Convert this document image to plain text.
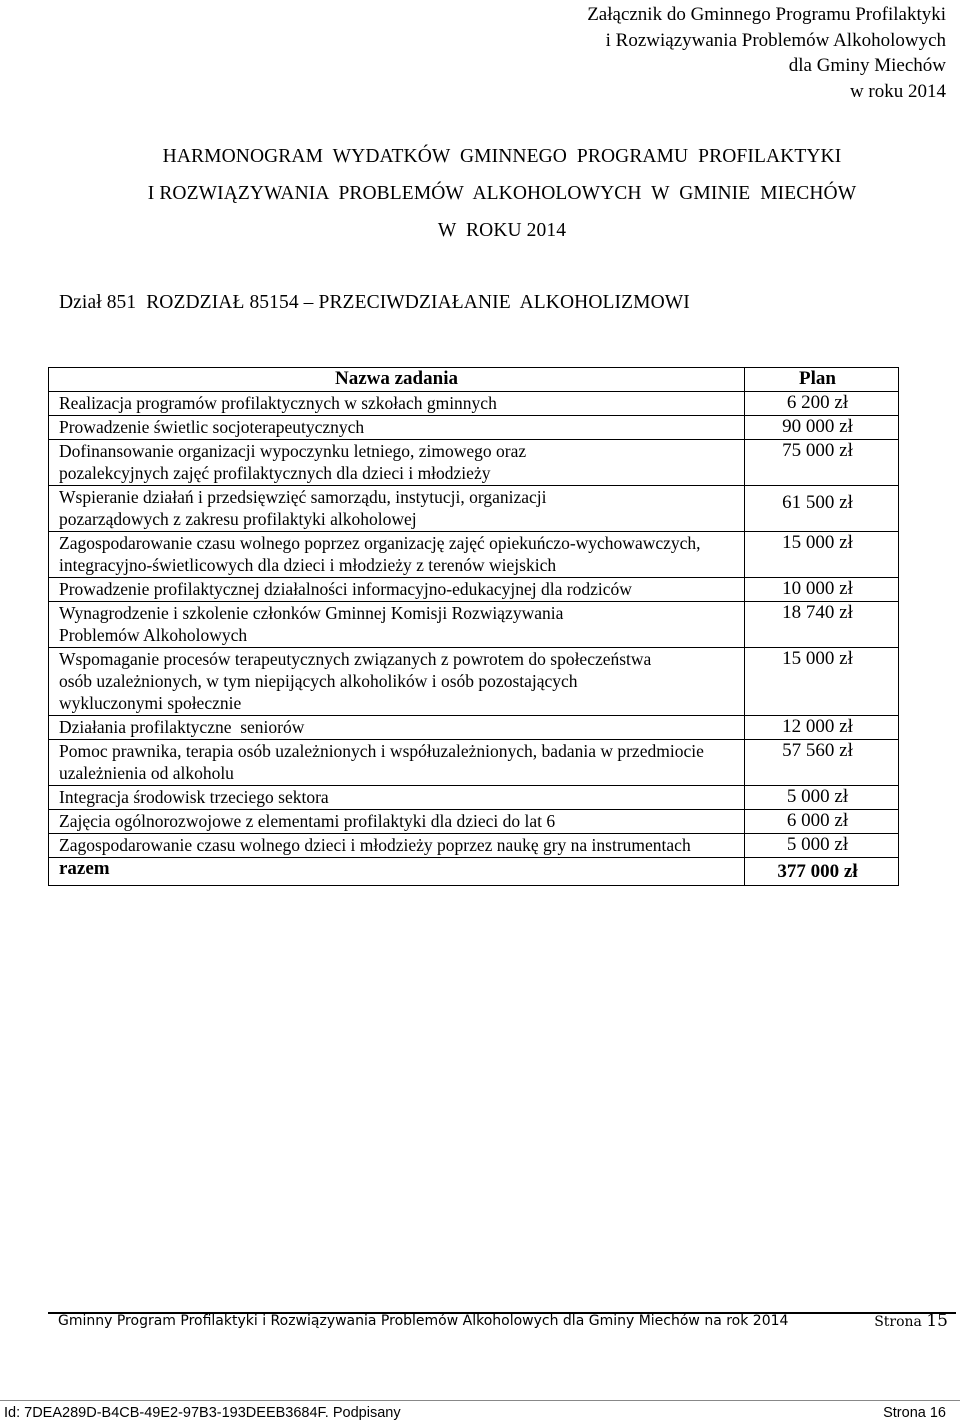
Załącznik do Gminnego Programu Profilaktyki
i Rozwiązywania Problemów Alkoholowych
dla Gminy Miechów
w roku 2014
HARMONOGRAM  WYDATKÓW  GMINNEGO  PROGRAMU  PROFILAKTYKI
I ROZWIĄZYWANIA  PROBLEMÓW  ALKOHOLOWYCH  W  GMINIE  MIECHÓW
W  ROKU 2014
Dział 851  ROZDZIAŁ 85154 – PRZECIWDZIAŁANIE  ALKOHOLIZMOWI
Nazwa zadania	Plan
Realizacja programów profilaktycznych w szkołach gminnych	6 200 zł
Prowadzenie świetlic socjoterapeutycznych	90 000 zł
Dofinansowanie organizacji wypoczynku letniego, zimowego oraz pozalekcyjnych zajęć profilaktycznych dla dzieci i młodzieży	75 000 zł
Wspieranie działań i przedsięwzięć samorządu, instytucji, organizacji pozarządowych z zakresu profilaktyki alkoholowej	61 500 zł
Zagospodarowanie czasu wolnego poprzez organizację zajęć opiekuńczo-wychowawczych, integracyjno-świetlicowych dla dzieci i młodzieży z terenów wiejskich	15 000 zł
Prowadzenie profilaktycznej działalności informacyjno-edukacyjnej dla rodziców	10 000 zł
Wynagrodzenie i szkolenie członków Gminnej Komisji Rozwiązywania Problemów Alkoholowych	18 740 zł
Wspomaganie procesów terapeutycznych związanych z powrotem do społeczeństwa osób uzależnionych, w tym niepijących alkoholików i osób pozostających wykluczonymi społecznie	15 000 zł
Działania profilaktyczne  seniorów	12 000 zł
Pomoc prawnika, terapia osób uzależnionych i współuzależnionych, badania w przedmiocie uzależnienia od alkoholu	57 560 zł
Integracja środowisk trzeciego sektora	5 000 zł
Zajęcia ogólnorozwojowe z elementami profilaktyki dla dzieci do lat 6	6 000 zł
Zagospodarowanie czasu wolnego dzieci i młodzieży poprzez naukę gry na instrumentach	5 000 zł
razem	377 000 zł
Gminny Program Profilaktyki i Rozwiązywania Problemów Alkoholowych dla Gminy Miechów na rok 2014	Strona 15
Id: 7DEA289D-B4CB-49E2-97B3-193DEEB3684F. Podpisany	Strona 16
